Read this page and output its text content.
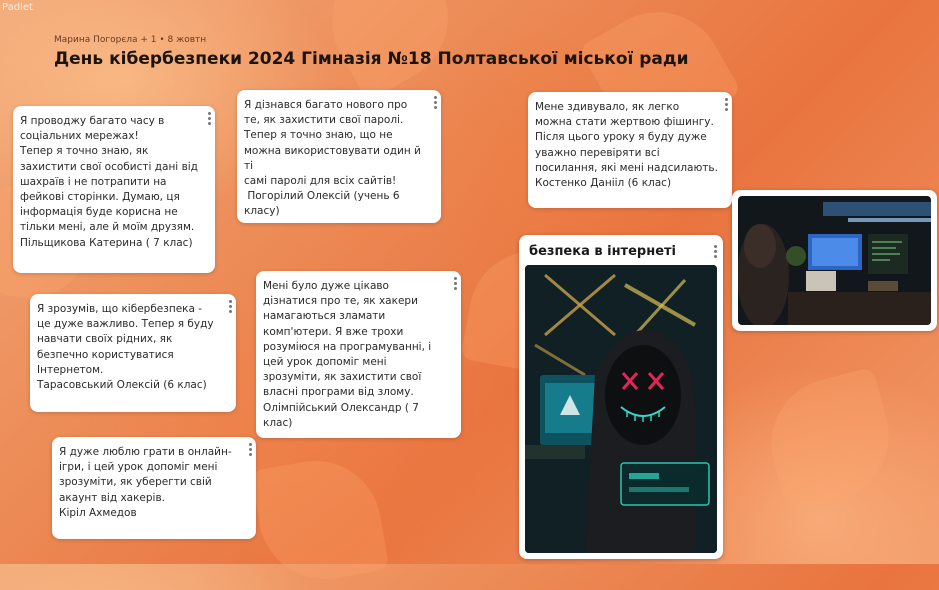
Padlet
Марина Погорєла + 1 • 8 жовтн
День кібербезпеки 2024 Гімназія №18 Полтавської міської ради

Я проводжу багато часу в
соціальних мережах!
Тепер я точно знаю, як
захистити свої особисті дані від
шахраїв і не потрапити на
фейкові сторінки. Думаю, ця
інформація буде корисна не
тільки мені, але й моїм друзям.
Пільщикова Катерина ( 7 клас)

Я дізнався багато нового про
те, як захистити свої паролі.
Тепер я точно знаю, що не
можна використовувати один й ті
самі паролі для всіх сайтів!
Погорілий Олексій (учень 6
класу)

Мене здивувало, як легко
можна стати жертвою фішингу.
Після цього уроку я буду дуже
уважно перевіряти всі
посилання, які мені надсилають.
Костенко Данііл (6 клас)

Я зрозумів, що кібербезпека -
це дуже важливо. Тепер я буду
навчати своїх рідних, як
безпечно користуватися
Інтернетом.
Тарасовський Олексій (6 клас)

Мені було дуже цікаво
дізнатися про те, як хакери
намагаються зламати
комп'ютери. Я вже трохи
розуміюся на програмуванні, і
цей урок допоміг мені
зрозуміти, як захистити свої
власні програми від злому.
Олімпійський Олександр ( 7 клас)

Я дуже люблю грати в онлайн-
ігри, і цей урок допоміг мені
зрозуміти, як уберегти свій
акаунт від хакерів.
Кіріл Ахмедов

безпека в інтернеті
